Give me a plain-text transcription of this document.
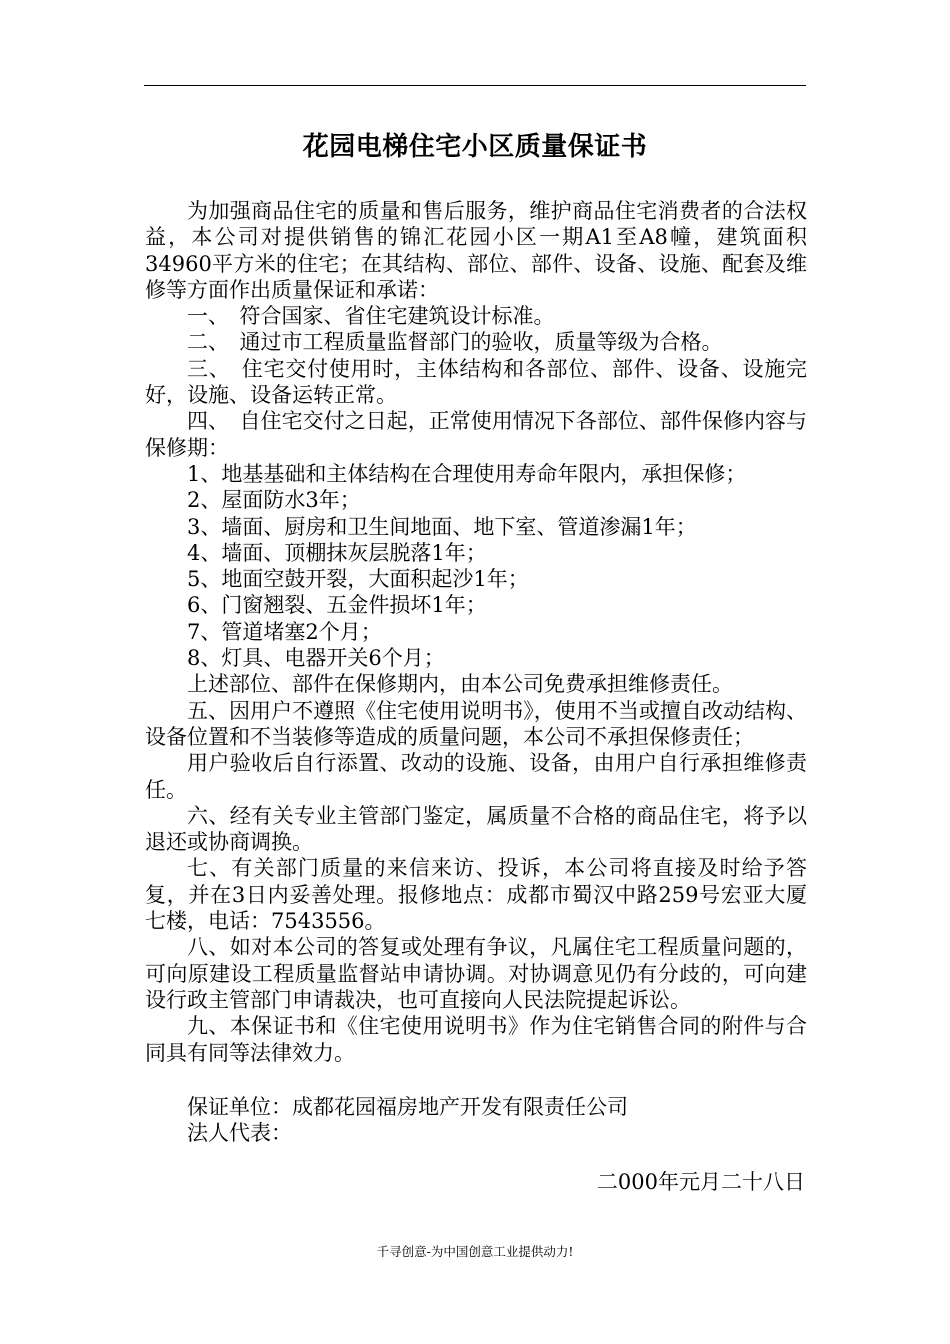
花园电梯住宅小区质量保证书

为加强商品住宅的质量和售后服务，维护商品住宅消费者的合法权益，本公司对提供销售的锦汇花园小区一期A1至A8幢，建筑面积34960平方米的住宅；在其结构、部位、部件、设备、设施、配套及维修等方面作出质量保证和承诺：

一、　符合国家、省住宅建筑设计标准。

二、　通过市工程质量监督部门的验收，质量等级为合格。

三、　住宅交付使用时，主体结构和各部位、部件、设备、设施完好，设施、设备运转正常。

四、　自住宅交付之日起，正常使用情况下各部位、部件保修内容与保修期：

1、地基基础和主体结构在合理使用寿命年限内，承担保修；

2、屋面防水3年；

3、墙面、厨房和卫生间地面、地下室、管道渗漏1年；

4、墙面、顶棚抹灰层脱落1年；

5、地面空鼓开裂，大面积起沙1年；

6、门窗翘裂、五金件损坏1年；

7、管道堵塞2个月；

8、灯具、电器开关6个月；

上述部位、部件在保修期内，由本公司免费承担维修责任。

五、因用户不遵照《住宅使用说明书》，使用不当或擅自改动结构、设备位置和不当装修等造成的质量问题，本公司不承担保修责任；

用户验收后自行添置、改动的设施、设备，由用户自行承担维修责任。

六、经有关专业主管部门鉴定，属质量不合格的商品住宅，将予以退还或协商调换。

七、有关部门质量的来信来访、投诉，本公司将直接及时给予答复，并在3日内妥善处理。报修地点：成都市蜀汉中路259号宏亚大厦七楼，电话：7543556。

八、如对本公司的答复或处理有争议，凡属住宅工程质量问题的，可向原建设工程质量监督站申请协调。对协调意见仍有分歧的，可向建设行政主管部门申请裁决，也可直接向人民法院提起诉讼。

九、本保证书和《住宅使用说明书》作为住宅销售合同的附件与合同具有同等法律效力。

保证单位：成都花园福房地产开发有限责任公司

法人代表：

二000年元月二十八日
千寻创意-为中国创意工业提供动力!
